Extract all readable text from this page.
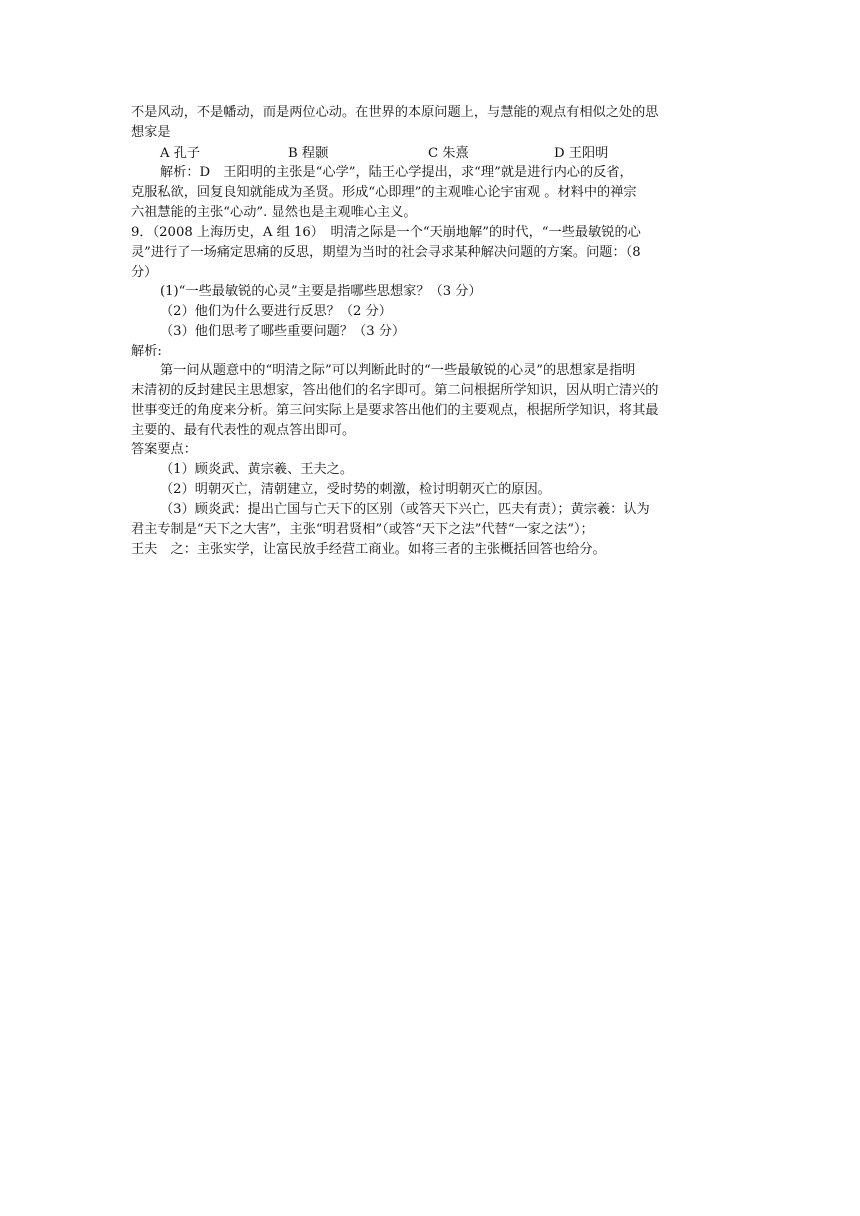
不是风动，不是幡动，而是两位心动。在世界的本原问题上，与慧能的观点有相似之处的思
想家是
A 孔子	B 程颢	C 朱熹	D 王阳明
解析：D　王阳明的主张是“心学”，陆王心学提出，求“理”就是进行内心的反省，
克服私欲，回复良知就能成为圣贤。形成“心即理”的主观唯心论宇宙观 。材料中的禅宗
六祖慧能的主张“心动”. 显然也是主观唯心主义。
9．（2008 上海历史，A 组 16）　明清之际是一个“天崩地解”的时代，“一些最敏锐的心
灵”进行了一场痛定思痛的反思，期望为当时的社会寻求某种解决问题的方案。问题：（8
分）
(1)“一些最敏锐的心灵”主要是指哪些思想家？（3 分）
（2）他们为什么要进行反思？（2 分）
（3）他们思考了哪些重要问题？（3 分）
解析:
第一问从题意中的“明清之际”可以判断此时的“一些最敏锐的心灵”的思想家是指明
末清初的反封建民主思想家，答出他们的名字即可。第二问根据所学知识，因从明亡清兴的
世事变迁的角度来分析。第三问实际上是要求答出他们的主要观点，根据所学知识，将其最
主要的、最有代表性的观点答出即可。
答案要点：
（1）顾炎武、黄宗羲、王夫之。
（2）明朝灭亡，清朝建立，受时势的刺激，检讨明朝灭亡的原因。
（3）顾炎武：提出亡国与亡天下的区别（或答天下兴亡，匹夫有责）；黄宗羲：认为
君主专制是“天下之大害”，主张“明君贤相”（或答“天下之法”代替“一家之法”）；
王夫　之：主张实学，让富民放手经营工商业。如将三者的主张概括回答也给分。
